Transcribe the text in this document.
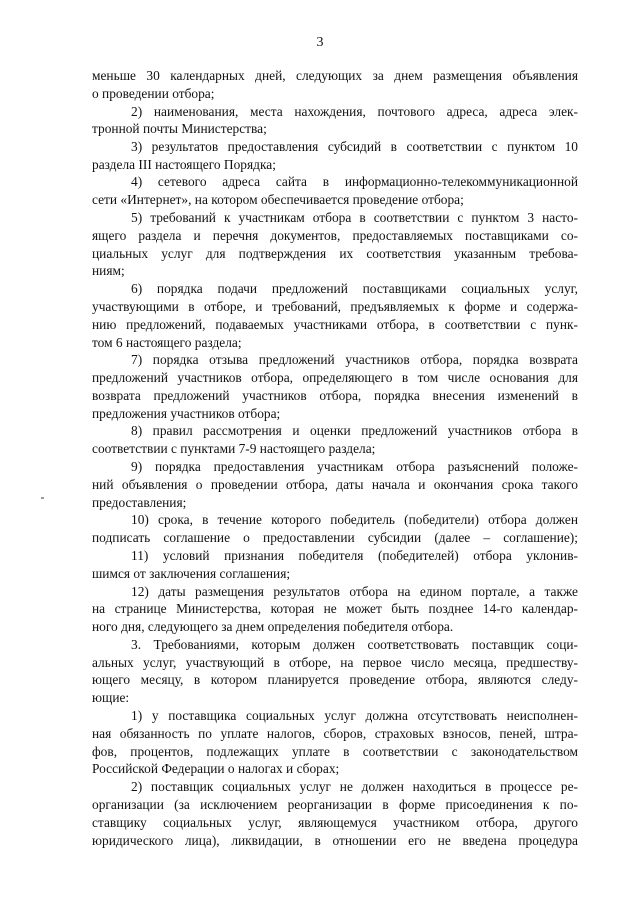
3
меньше 30 календарных дней, следующих за днем размещения объявления
о проведении отбора;
2) наименования, места нахождения, почтового адреса, адреса элек-
тронной почты Министерства;
3) результатов предоставления субсидий в соответствии с пунктом 10
раздела III настоящего Порядка;
4) сетевого адреса сайта в информационно-телекоммуникационной
сети «Интернет», на котором обеспечивается проведение отбора;
5) требований к участникам отбора в соответствии с пунктом 3 насто-
ящего раздела и перечня документов, предоставляемых поставщиками со-
циальных услуг для подтверждения их соответствия указанным требова-
ниям;
6) порядка подачи предложений поставщиками социальных услуг,
участвующими в отборе, и требований, предъявляемых к форме и содержа-
нию предложений, подаваемых участниками отбора, в соответствии с пунк-
том 6 настоящего раздела;
7) порядка отзыва предложений участников отбора, порядка возврата
предложений участников отбора, определяющего в том числе основания для
возврата предложений участников отбора, порядка внесения изменений в
предложения участников отбора;
8) правил рассмотрения и оценки предложений участников отбора в
соответствии с пунктами 7-9 настоящего раздела;
9) порядка предоставления участникам отбора разъяснений положе-
ний объявления о проведении отбора, даты начала и окончания срока такого
предоставления;
10) срока, в течение которого победитель (победители) отбора должен
подписать соглашение о предоставлении субсидии (далее – соглашение);
11) условий признания победителя (победителей) отбора уклонив-
шимся от заключения соглашения;
12) даты размещения результатов отбора на едином портале, а также
на странице Министерства, которая не может быть позднее 14-го календар-
ного дня, следующего за днем определения победителя отбора.
3. Требованиями, которым должен соответствовать поставщик соци-
альных услуг, участвующий в отборе, на первое число месяца, предшеству-
ющего месяцу, в котором планируется проведение отбора, являются следу-
ющие:
1) у поставщика социальных услуг должна отсутствовать неисполнен-
ная обязанность по уплате налогов, сборов, страховых взносов, пеней, штра-
фов, процентов, подлежащих уплате в соответствии с законодательством
Российской Федерации о налогах и сборах;
2) поставщик социальных услуг не должен находиться в процессе ре-
организации (за исключением реорганизации в форме присоединения к по-
ставщику социальных услуг, являющемуся участником отбора, другого
юридического лица), ликвидации, в отношении его не введена процедура
